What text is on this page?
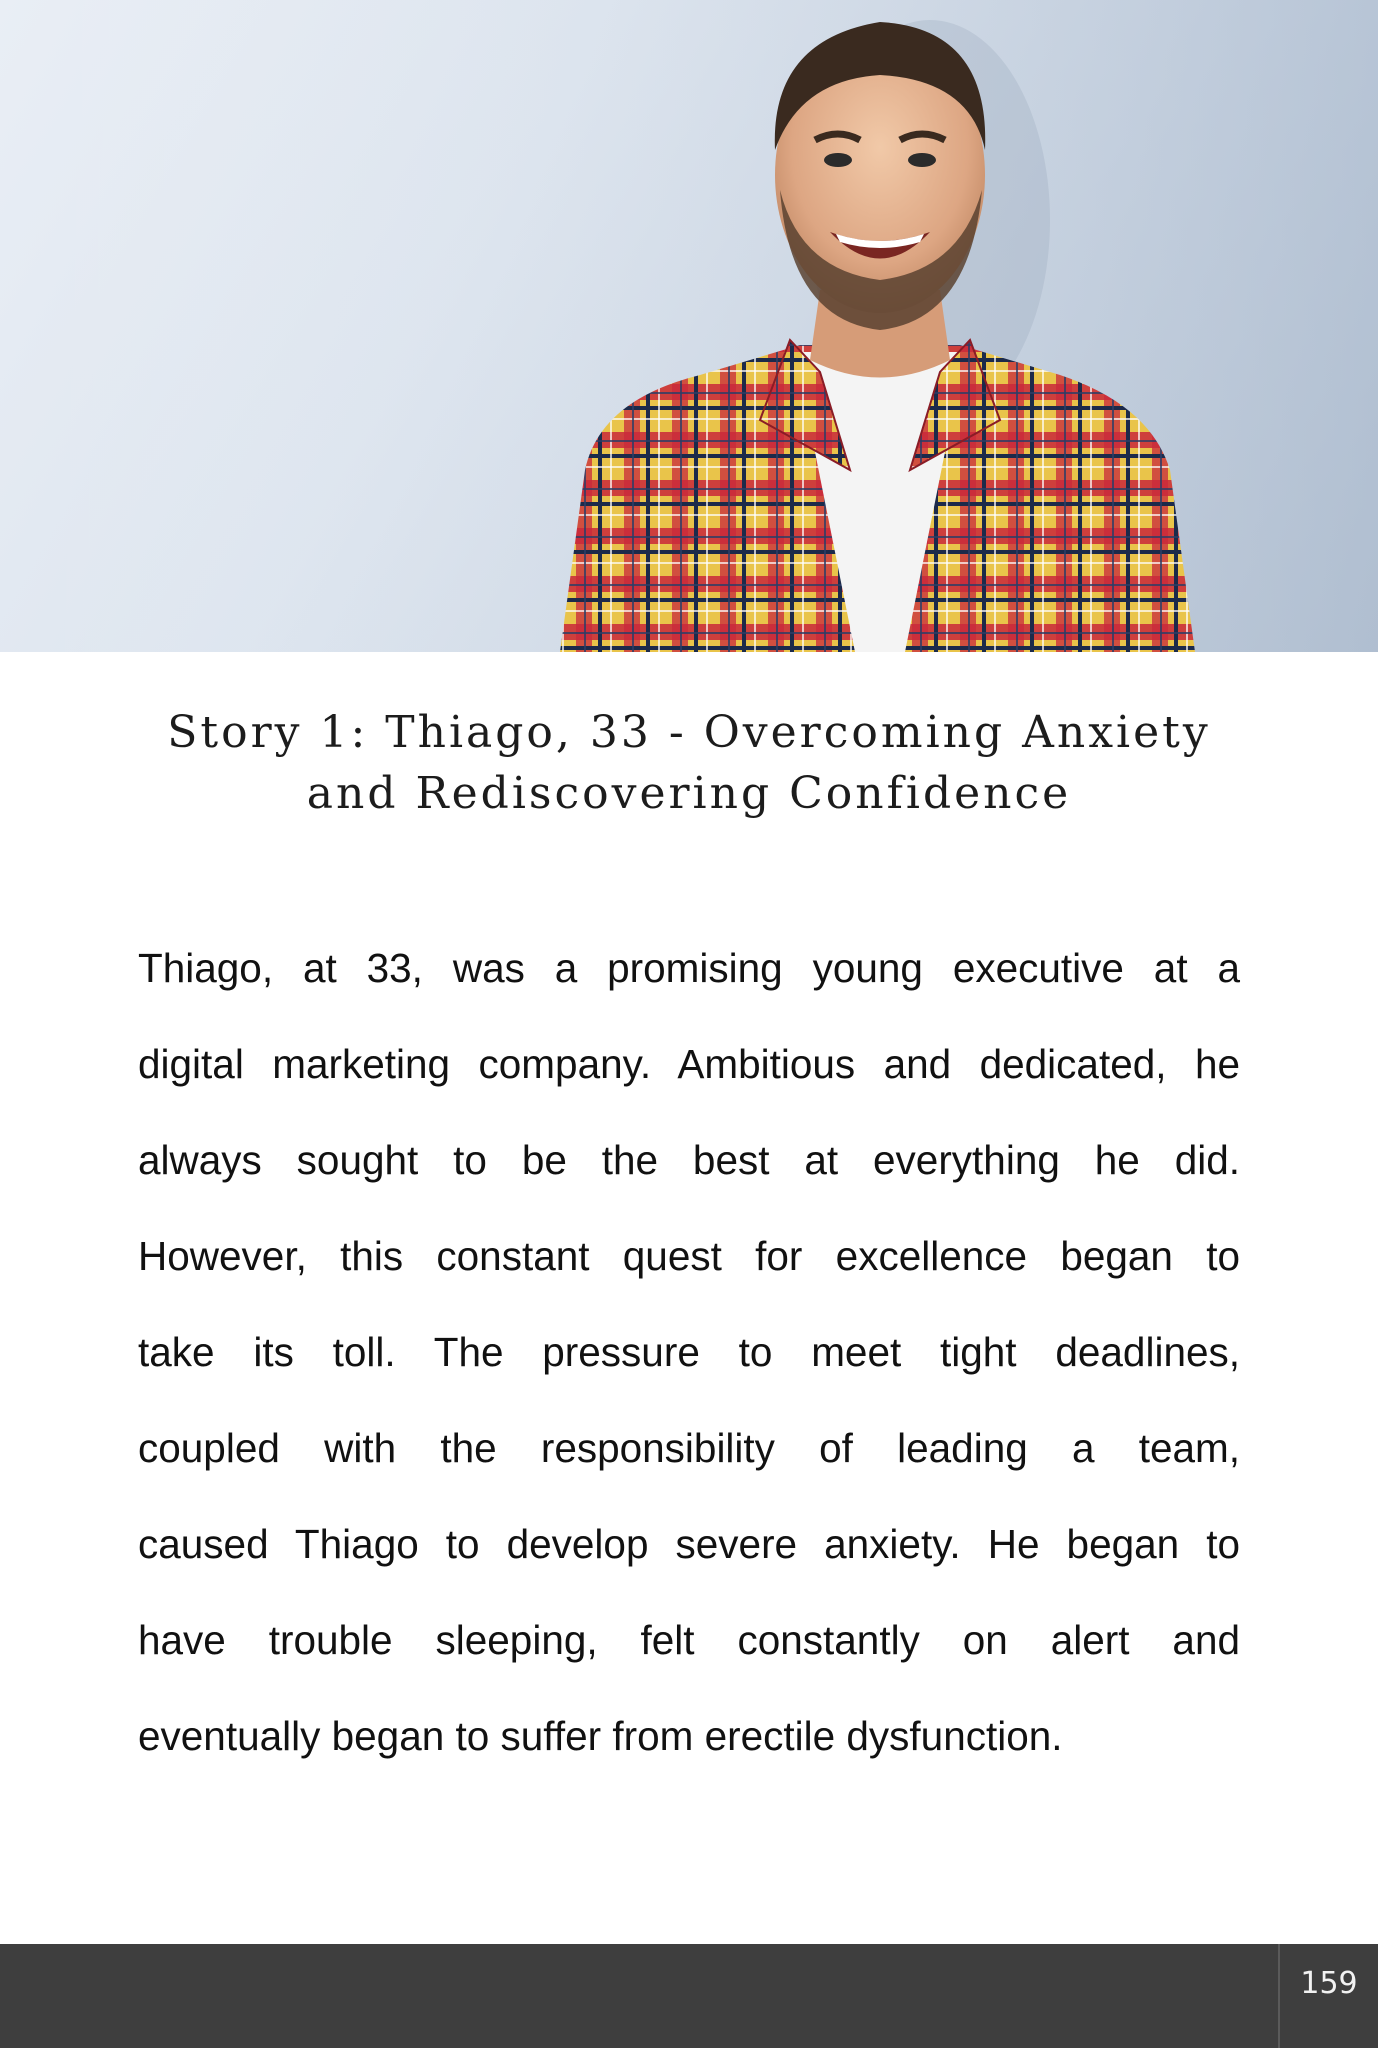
Story 1: Thiago, 33 - Overcoming Anxiety
and Rediscovering Confidence
Thiago, at 33, was a promising young executive at a
digital marketing company. Ambitious and dedicated, he
always sought to be the best at everything he did.
However, this constant quest for excellence began to
take its toll. The pressure to meet tight deadlines,
coupled with the responsibility of leading a team,
caused Thiago to develop severe anxiety. He began to
have trouble sleeping, felt constantly on alert and
eventually began to suffer from erectile dysfunction.
159
